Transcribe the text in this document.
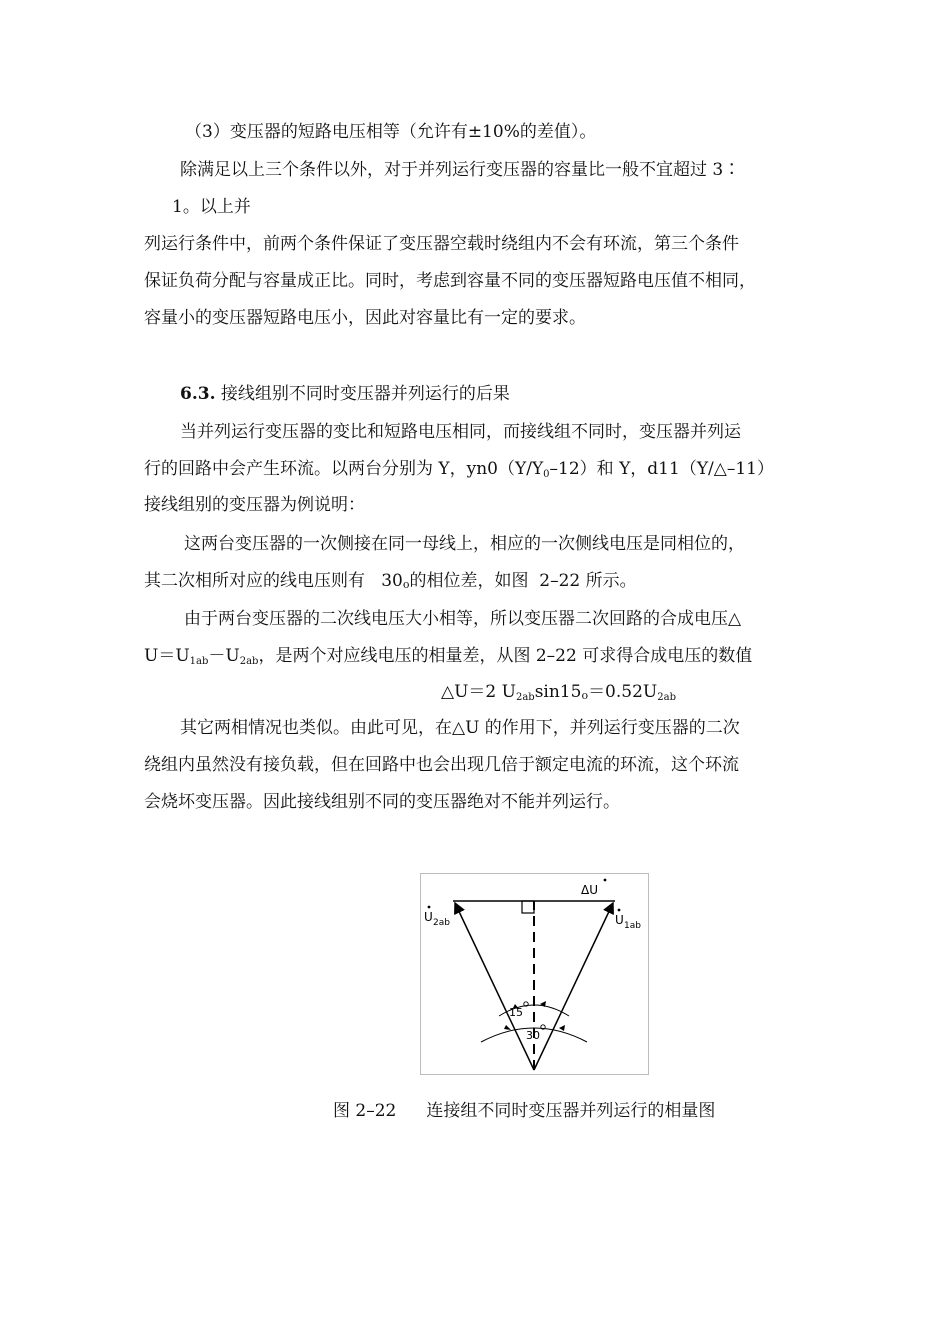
（3）变压器的短路电压相等（允许有±10%的差值）。
除满足以上三个条件以外，对于并列运行变压器的容量比一般不宜超过 3∶
1。以上并
列运行条件中，前两个条件保证了变压器空载时绕组内不会有环流，第三个条件
保证负荷分配与容量成正比。同时，考虑到容量不同的变压器短路电压值不相同，
容量小的变压器短路电压小，因此对容量比有一定的要求。
6.3. 接线组别不同时变压器并列运行的后果
当并列运行变压器的变比和短路电压相同，而接线组不同时，变压器并列运
行的回路中会产生环流。以两台分别为 Y，$yn0(Y/Y_0-12)$和 Y，d11（Y/△–11）
接线组别的变压器为例说明：
这两台变压器的一次侧接在同一母线上，相应的一次侧线电压是同相位的，
其二次相所对应的线电压则有 30o的相位差，如图 2–22 所示。
由于两台变压器的二次线电压大小相等，所以变压器二次回路的合成电压△
$U=U_{1ab}-U_{2ab}$，是两个对应线电压的相量差，从图 2–22 可求得合成电压的数值
△U＝2 $U_{2ab}\sin 15o=0.52U_{2ab}$
其它两相情况也类似。由此可见，在△U 的作用下，并列运行变压器的二次
绕组内虽然没有接负载，但在回路中也会出现几倍于额定电流的环流，这个环流
会烧坏变压器。因此接线组别不同的变压器绝对不能并列运行。
ΔU
U 2ab	U 1ab
15
30
图 2–22 连接组不同时变压器并列运行的相量图
